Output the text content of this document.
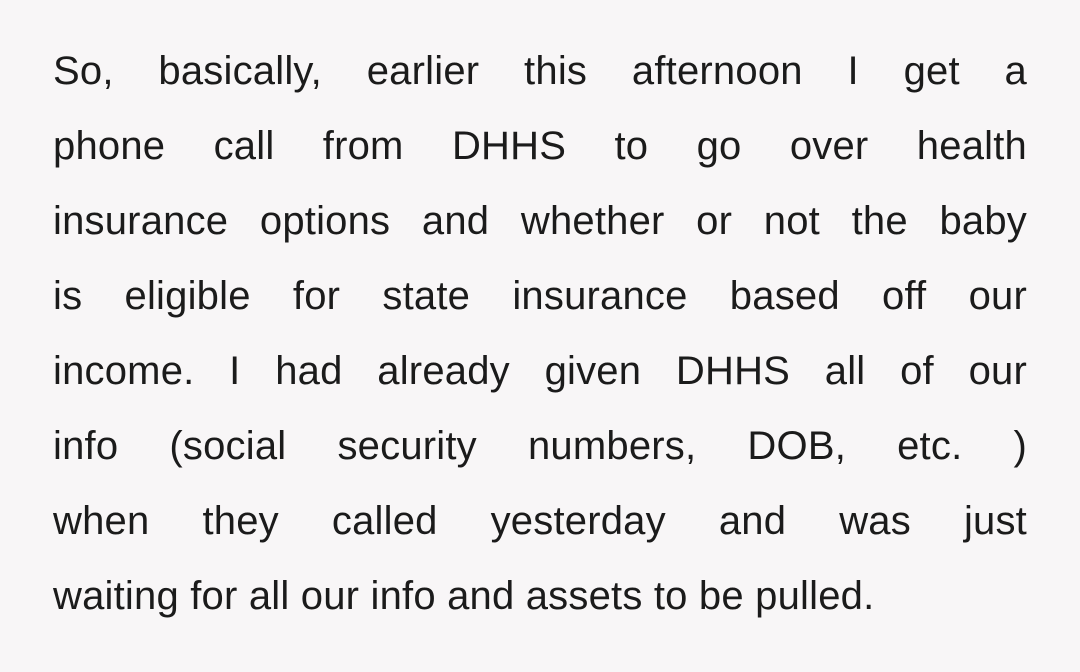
So, basically, earlier this afternoon I get a
phone call from DHHS to go over health
insurance options and whether or not the baby
is eligible for state insurance based off our
income. I had already given DHHS all of our
info (social security numbers, DOB, etc. )
when they called yesterday and was just
waiting for all our info and assets to be pulled.
